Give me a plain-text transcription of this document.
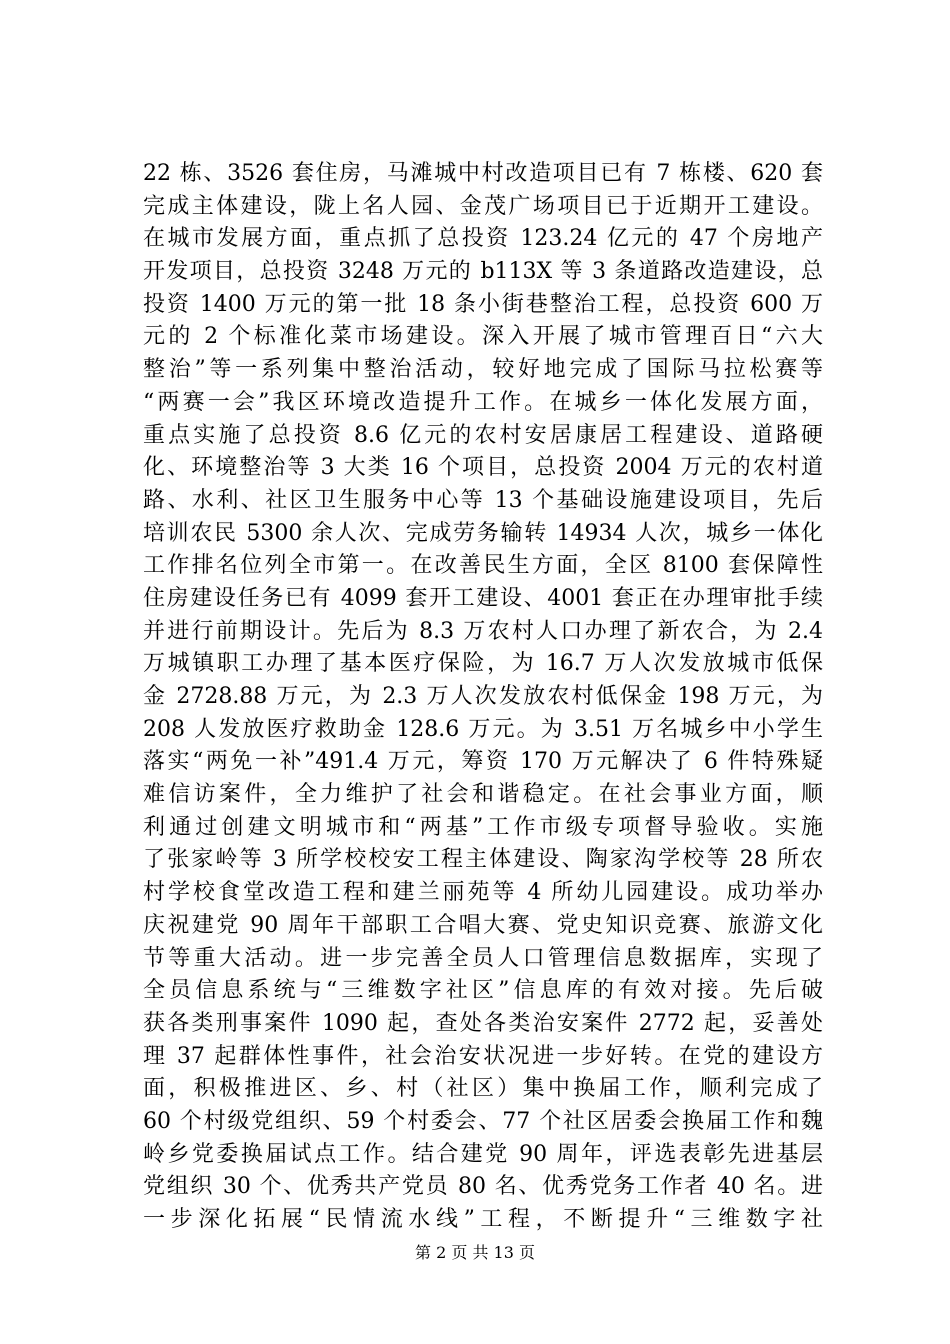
22 栋、3526 套住房，马滩城中村改造项目已有 7 栋楼、620 套
完成主体建设，陇上名人园、金茂广场项目已于近期开工建设。
在城市发展方面，重点抓了总投资 123.24 亿元的 47 个房地产
开发项目，总投资 3248 万元的 b113X 等 3 条道路改造建设，总
投资 1400 万元的第一批 18 条小街巷整治工程，总投资 600 万
元的 2 个标准化菜市场建设。深入开展了城市管理百日“六大
整治”等一系列集中整治活动，较好地完成了国际马拉松赛等
“两赛一会”我区环境改造提升工作。在城乡一体化发展方面，
重点实施了总投资 8.6 亿元的农村安居康居工程建设、道路硬
化、环境整治等 3 大类 16 个项目，总投资 2004 万元的农村道
路、水利、社区卫生服务中心等 13 个基础设施建设项目，先后
培训农民 5300 余人次、完成劳务输转 14934 人次，城乡一体化
工作排名位列全市第一。在改善民生方面，全区 8100 套保障性
住房建设任务已有 4099 套开工建设、4001 套正在办理审批手续
并进行前期设计。先后为 8.3 万农村人口办理了新农合，为 2.4
万城镇职工办理了基本医疗保险，为 16.7 万人次发放城市低保
金 2728.88 万元，为 2.3 万人次发放农村低保金 198 万元，为
208 人发放医疗救助金 128.6 万元。为 3.51 万名城乡中小学生
落实“两免一补”491.4 万元，筹资 170 万元解决了 6 件特殊疑
难信访案件，全力维护了社会和谐稳定。在社会事业方面，顺
利通过创建文明城市和“两基”工作市级专项督导验收。实施
了张家岭等 3 所学校校安工程主体建设、陶家沟学校等 28 所农
村学校食堂改造工程和建兰丽苑等 4 所幼儿园建设。成功举办
庆祝建党 90 周年干部职工合唱大赛、党史知识竞赛、旅游文化
节等重大活动。进一步完善全员人口管理信息数据库，实现了
全员信息系统与“三维数字社区”信息库的有效对接。先后破
获各类刑事案件 1090 起，查处各类治安案件 2772 起，妥善处
理 37 起群体性事件，社会治安状况进一步好转。在党的建设方
面，积极推进区、乡、村（社区）集中换届工作，顺利完成了
60 个村级党组织、59 个村委会、77 个社区居委会换届工作和魏
岭乡党委换届试点工作。结合建党 90 周年，评选表彰先进基层
党组织 30 个、优秀共产党员 80 名、优秀党务工作者 40 名。进
一步深化拓展“民情流水线”工程，不断提升“三维数字社
第 2 页 共 13 页
